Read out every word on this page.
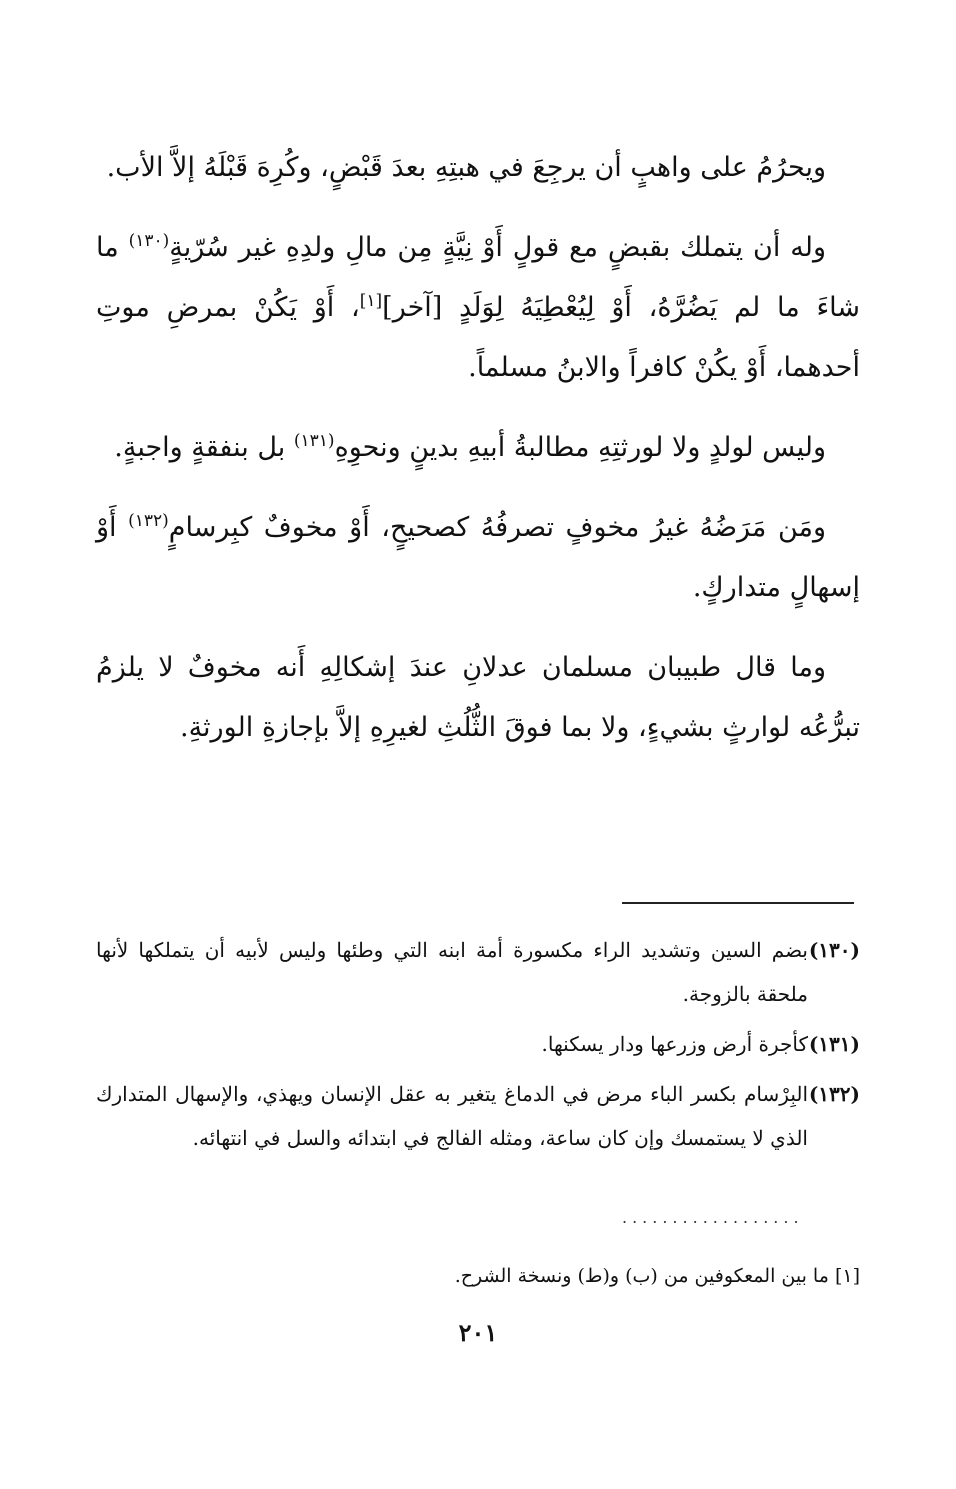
ويحرُمُ على واهبٍ أن يرجِعَ في هبتِهِ بعدَ قَبْضٍ، وكُرِهَ قَبْلَهُ إلاَّ الأب.

وله أن يتملك بقبضٍ مع قولٍ أَوْ نِيَّةٍ مِن مالِ ولدِهِ غير سُرّيةٍ$^{(١٣٠)}$ ما شاءَ ما لم يَضُرَّهُ، أَوْ لِيُعْطِيَهُ لِوَلَدٍ [آخر][١]، أَوْ يَكُنْ بمرضِ موتِ أحدهما، أَوْ يكُنْ كافراً والابنُ مسلماً.

وليس لولدٍ ولا لورثتِهِ مطالبةُ أبيهِ بدينٍ ونحوِهِ$^{(١٣١)}$ بل بنفقةٍ واجبةٍ.

ومَن مَرَضُهُ غيرُ مخوفٍ تصرفُهُ كصحيحٍ، أَوْ مخوفٌ كبِرسامٍ$^{(١٣٢)}$ أَوْ إسهالٍ متداركٍ.

وما قال طبيبان مسلمان عدلانِ عندَ إشكالِهِ أَنه مخوفٌ لا يلزمُ تبرُّعُه لوارثٍ بشيءٍ، ولا بما فوقَ الثُّلُثِ لغيرِهِ إلاَّ بإجازةِ الورثةِ.

(١٣٠)
بضم السين وتشديد الراء مكسورة أمة ابنه التي وطئها وليس لأبيه أن يتملكها لأنها ملحقة بالزوجة.

(١٣١)
كأجرة أرض وزرعها ودار يسكنها.

(١٣٢)
البِرْسام بكسر الباء مرض في الدماغ يتغير به عقل الإنسان ويهذي، والإسهال المتدارك الذي لا يستمسك وإن كان ساعة، ومثله الفالج في ابتدائه والسل في انتهائه.

..................
[١] ما بين المعكوفين من (ب) و(ط) ونسخة الشرح.
٢٠١
